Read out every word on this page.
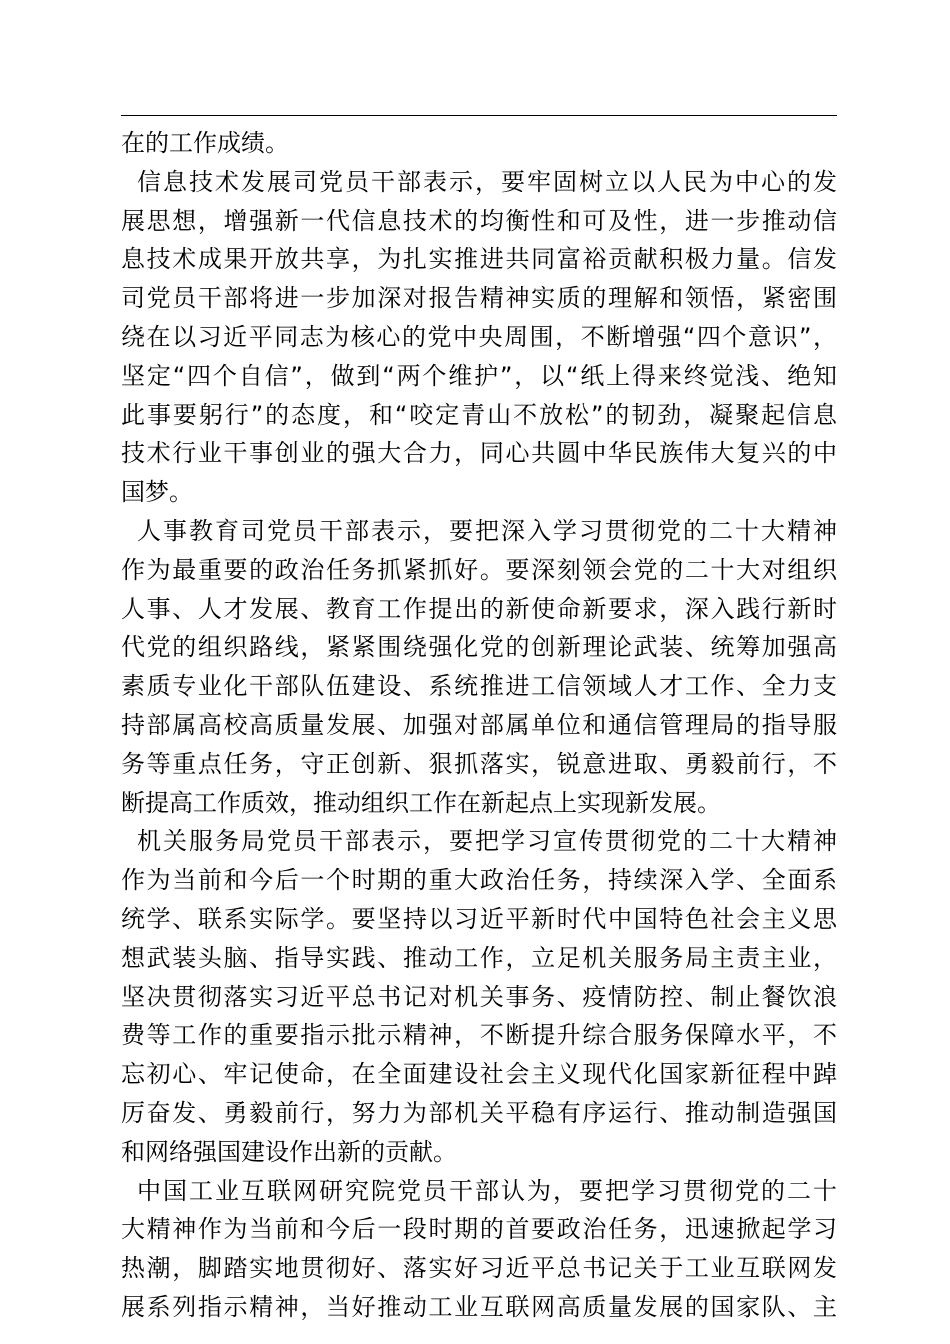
在的工作成绩。
信息技术发展司党员干部表示，要牢固树立以人民为中心的发
展思想，增强新一代信息技术的均衡性和可及性，进一步推动信
息技术成果开放共享，为扎实推进共同富裕贡献积极力量。信发
司党员干部将进一步加深对报告精神实质的理解和领悟，紧密围
绕在以习近平同志为核心的党中央周围，不断增强“四个意识”，
坚定“四个自信”，做到“两个维护”，以“纸上得来终觉浅、绝知
此事要躬行”的态度，和“咬定青山不放松”的韧劲，凝聚起信息
技术行业干事创业的强大合力，同心共圆中华民族伟大复兴的中
国梦。
人事教育司党员干部表示，要把深入学习贯彻党的二十大精神
作为最重要的政治任务抓紧抓好。要深刻领会党的二十大对组织
人事、人才发展、教育工作提出的新使命新要求，深入践行新时
代党的组织路线，紧紧围绕强化党的创新理论武装、统筹加强高
素质专业化干部队伍建设、系统推进工信领域人才工作、全力支
持部属高校高质量发展、加强对部属单位和通信管理局的指导服
务等重点任务，守正创新、狠抓落实，锐意进取、勇毅前行，不
断提高工作质效，推动组织工作在新起点上实现新发展。
机关服务局党员干部表示，要把学习宣传贯彻党的二十大精神
作为当前和今后一个时期的重大政治任务，持续深入学、全面系
统学、联系实际学。要坚持以习近平新时代中国特色社会主义思
想武装头脑、指导实践、推动工作，立足机关服务局主责主业，
坚决贯彻落实习近平总书记对机关事务、疫情防控、制止餐饮浪
费等工作的重要指示批示精神，不断提升综合服务保障水平，不
忘初心、牢记使命，在全面建设社会主义现代化国家新征程中踔
厉奋发、勇毅前行，努力为部机关平稳有序运行、推动制造强国
和网络强国建设作出新的贡献。
中国工业互联网研究院党员干部认为，要把学习贯彻党的二十
大精神作为当前和今后一段时期的首要政治任务，迅速掀起学习
热潮，脚踏实地贯彻好、落实好习近平总书记关于工业互联网发
展系列指示精神，当好推动工业互联网高质量发展的国家队、主
